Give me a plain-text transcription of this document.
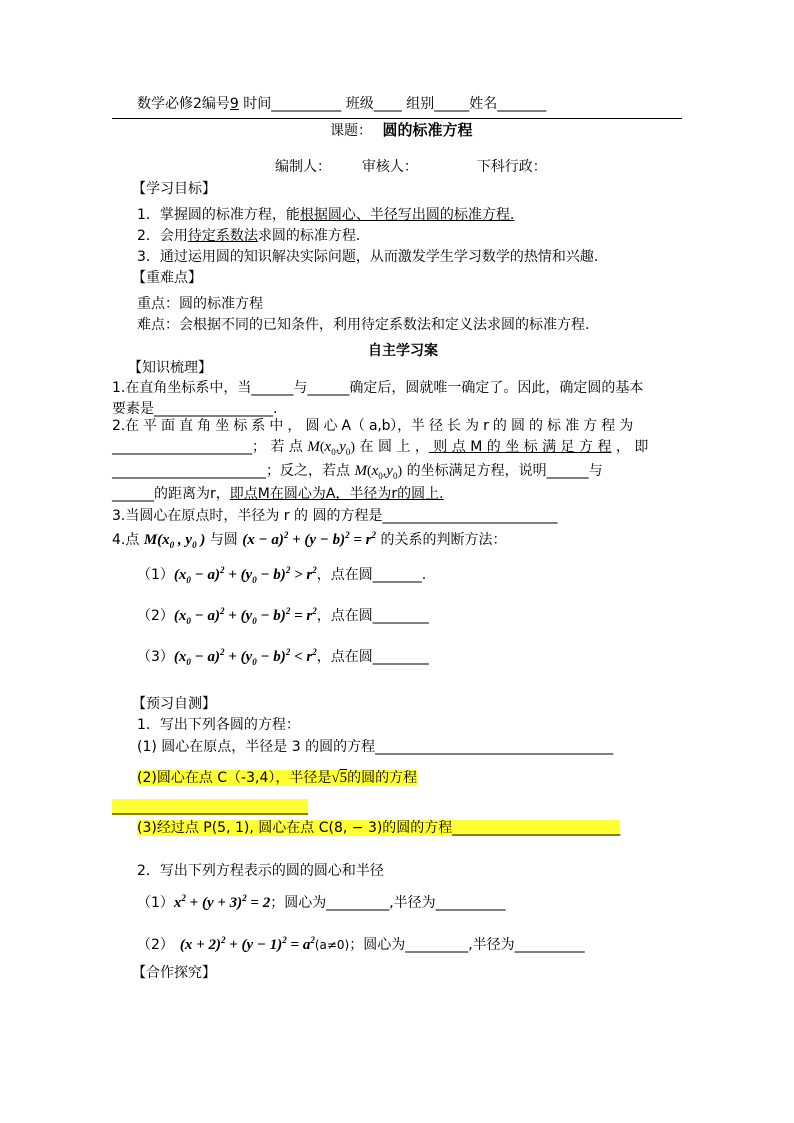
数学必修2编号9 时间__________ 班级____ 组别_____姓名_______
课题： 圆的标准方程
编制人： 审核人：	下科行政：
【学习目标】
1．掌握圆的标准方程，能根据圆心、半径写出圆的标准方程.
2．会用待定系数法求圆的标准方程.
3．通过运用圆的知识解决实际问题，从而激发学生学习数学的热情和兴趣.
【重难点】
重点：圆的标准方程
难点：会根据不同的已知条件，利用待定系数法和定义法求圆的标准方程.
自主学习案
【知识梳理】
1.在直角坐标系中，当______与______确定后，圆就唯一确定了。因此，确定圆的基本
要素是_________________.
2.在 平 面 直 角 坐 标 系 中 ， 圆 心 A（ a,b），半 径 长 为 r 的 圆 的 标 准 方 程 为
____________________； 若 点 $M(x_0,y_0)$ 在 圆 上 ， 则 点 M 的 坐 标 满 足 方 程 ， 即
______________________；反之，若点 $M(x_0,y_0)$ 的坐标满足方程，说明______与
______的距离为r，即点M在圆心为A，半径为r的圆上.
3.当圆心在原点时，半径为 r 的 圆的方程是_________________________
4.点 $M(x_0$ , $y_0$ ) 与圆 $(x - a)^2 + (y - b)^2 = r^2$ 的关系的判断方法：
$(1)(x_0 - a)^2 + (y_0 - b)^2 > r^2$，点在圆_______.
$(2)(x_0 - a)^2 + (y_0 - b)^2 = r^2$，点在圆________
$(3)(x_0 - a)^2 + (y_0 - b)^2 < r^2$，点在圆________
【预习自测】
1．写出下列各圆的方程：
(1) 圆心在原点，半径是 3 的圆的方程__________________________________
(2)圆心在点 C（-3,4），半径是√5的圆的方程
____________________________
(3)经过点 P(5, 1), 圆心在点 C(8, − 3)的圆的方程________________________
2．写出下列方程表示的圆的圆心和半径
$(1)x^2 + (y + 3)^2 = 2$；圆心为_________,半径为__________
（2） $(x + 2)^2 + (y - 1)^2 = a^2(a\ne 0)$；圆心为_________,半径为__________
【合作探究】
